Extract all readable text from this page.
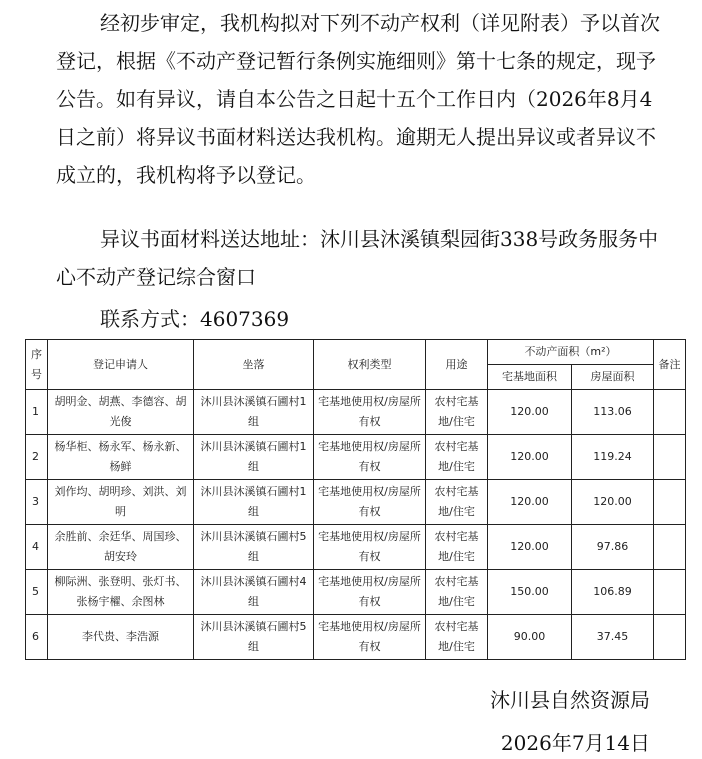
经初步审定，我机构拟对下列不动产权利（详见附表）予以首次登记，根据《不动产登记暂行条例实施细则》第十七条的规定，现予公告。如有异议，请自本公告之日起十五个工作日内（2026年8月4日之前）将异议书面材料送达我机构。逾期无人提出异议或者异议不成立的，我机构将予以登记。

异议书面材料送达地址：沐川县沐溪镇梨园街338号政务服务中心不动产登记综合窗口

联系方式：4607369
序号	登记申请人	坐落	权利类型	用途	不动产面积（m²）		备注
					宅基地面积	房屋面积	
1	胡明金、胡燕、李德容、胡光俊	沐川县沐溪镇石圃村1组	宅基地使用权/房屋所有权	农村宅基地/住宅	120.00	113.06	
2	杨华柜、杨永军、杨永新、杨鲜	沐川县沐溪镇石圃村1组	宅基地使用权/房屋所有权	农村宅基地/住宅	120.00	119.24	
3	刘作均、胡明珍、刘洪、刘明	沐川县沐溪镇石圃村1组	宅基地使用权/房屋所有权	农村宅基地/住宅	120.00	120.00	
4	余胜前、余廷华、周国珍、胡安玲	沐川县沐溪镇石圃村5组	宅基地使用权/房屋所有权	农村宅基地/住宅	120.00	97.86	
5	柳际洲、张登明、张灯书、张杨宇櫂、余图林	沐川县沐溪镇石圃村4组	宅基地使用权/房屋所有权	农村宅基地/住宅	150.00	106.89	
6	李代贵、李浩源	沐川县沐溪镇石圃村5组	宅基地使用权/房屋所有权	农村宅基地/住宅	90.00	37.45	
沐川县自然资源局
2026年7月14日
